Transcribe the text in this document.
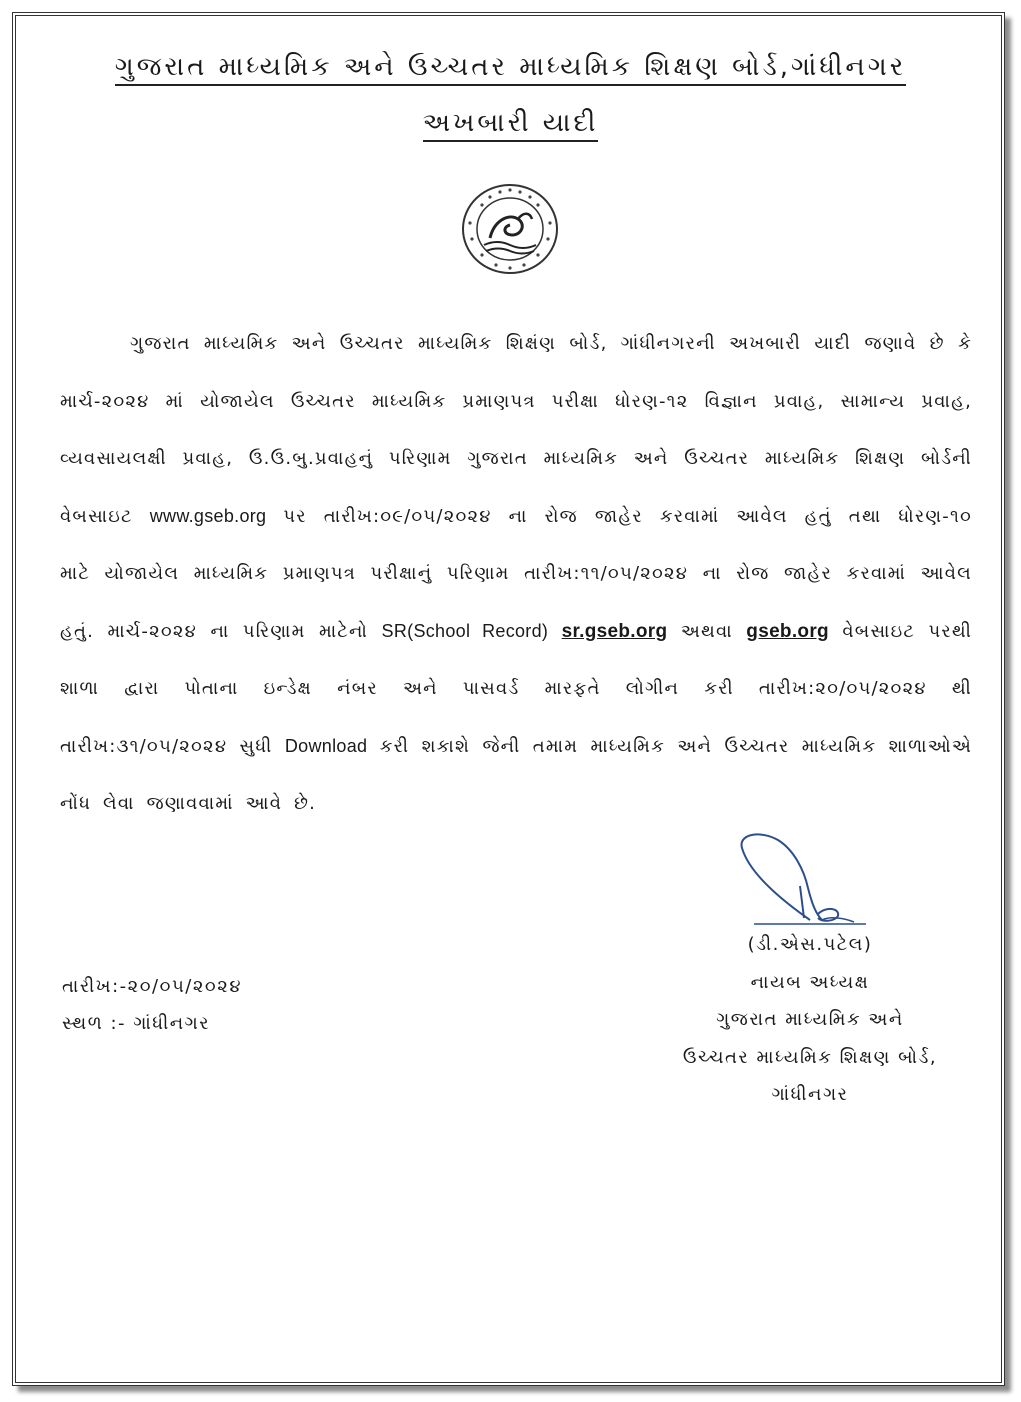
ગુજરાત માધ્યમિક અને ઉચ્ચતર માધ્યમિક શિક્ષણ બોર્ડ,ગાંધીનગર
અખબારી યાદી
ગુજરાત માધ્યમિક અને ઉચ્ચતર માધ્યમિક શિક્ષંણ બોર્ડ, ગાંધીનગરની અખબારી યાદી જણાવે છે કે
માર્ચ-૨૦૨૪ માં યોજાયેલ ઉચ્ચતર માધ્યમિક પ્રમાણપત્ર પરીક્ષા ધોરણ-૧૨ વિજ્ઞાન પ્રવાહ, સામાન્ય પ્રવાહ,
વ્યવસાયલક્ષી પ્રવાહ, ઉ.ઉ.બુ.પ્રવાહનું પરિણામ ગુજરાત માધ્યમિક અને ઉચ્ચતર માધ્યમિક શિક્ષણ બોર્ડની
વેબસાઇટ www.gseb.org પર તારીખ:૦૯/૦૫/૨૦૨૪ ના રોજ જાહેર કરવામાં આવેલ હતું તથા ધોરણ-૧૦
માટે યોજાયેલ માધ્યમિક પ્રમાણપત્ર પરીક્ષાનું પરિણામ તારીખ:૧૧/૦૫/૨૦૨૪ ના રોજ જાહેર કરવામાં આવેલ
હતું. માર્ચ-૨૦૨૪ ના પરિણામ માટેનો SR(School Record) sr.gseb.org અથવા gseb.org વેબસાઇટ પરથી
શાળા દ્વારા પોતાના ઇન્ડેક્ષ નંબર અને પાસવર્ડ મારફતે લોગીન કરી તારીખ:૨૦/૦૫/૨૦૨૪ થી
તારીખ:૩૧/૦૫/૨૦૨૪ સુધી Download કરી શકાશે જેની તમામ માધ્યમિક અને ઉચ્ચતર માધ્યમિક શાળાઓએ
નોંધ લેવા જણાવવામાં આવે છે.
(ડી.એસ.પટેલ)
નાયબ અધ્યક્ષ
ગુજરાત માધ્યમિક અને
ઉચ્ચતર માધ્યમિક શિક્ષણ બોર્ડ,
ગાંધીનગર
તારીખ:-૨૦/૦૫/૨૦૨૪
સ્થળ :- ગાંધીનગર
